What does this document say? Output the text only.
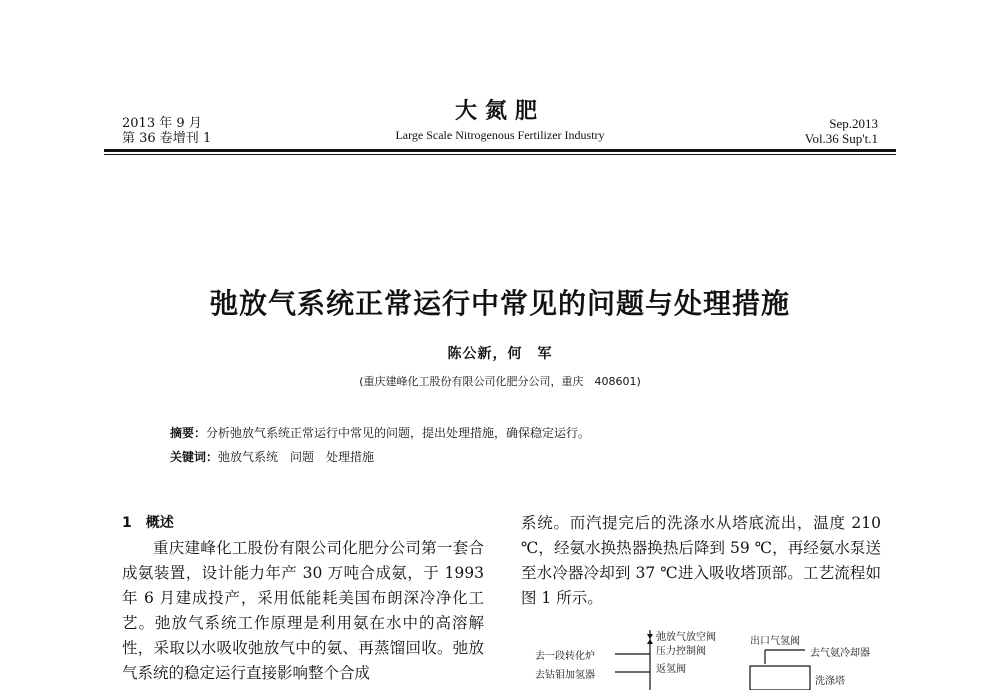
2013 年 9 月
第 36 卷增刊 1
大氮肥
Large Scale Nitrogenous Fertilizer Industry
Sep.2013
Vol.36 Sup't.1
弛放气系统正常运行中常见的问题与处理措施
陈公新，何　军
(重庆建峰化工股份有限公司化肥分公司，重庆　408601)
摘要：分析弛放气系统正常运行中常见的问题，提出处理措施，确保稳定运行。
关键词：弛放气系统　问题　处理措施
1　概述
重庆建峰化工股份有限公司化肥分公司第一套合成氨装置，设计能力年产 30 万吨合成氨，于 1993 年 6 月建成投产，采用低能耗美国布朗深冷净化工艺。弛放气系统工作原理是利用氨在水中的高溶解性，采取以水吸收弛放气中的氨、再蒸馏回收。弛放气系统的稳定运行直接影响整个合成
系统。而汽提完后的洗涤水从塔底流出，温度 210 ℃，经氨水换热器换热后降到 59 ℃，再经氨水泵送至水冷器冷却到 37 ℃进入吸收塔顶部。工艺流程如图 1 所示。
弛放气放空阀
压力控制阀
返氢阀
去一段转化炉
去钴钼加氢器
出口气氢阀
去气氨冷却器
洗涤塔
